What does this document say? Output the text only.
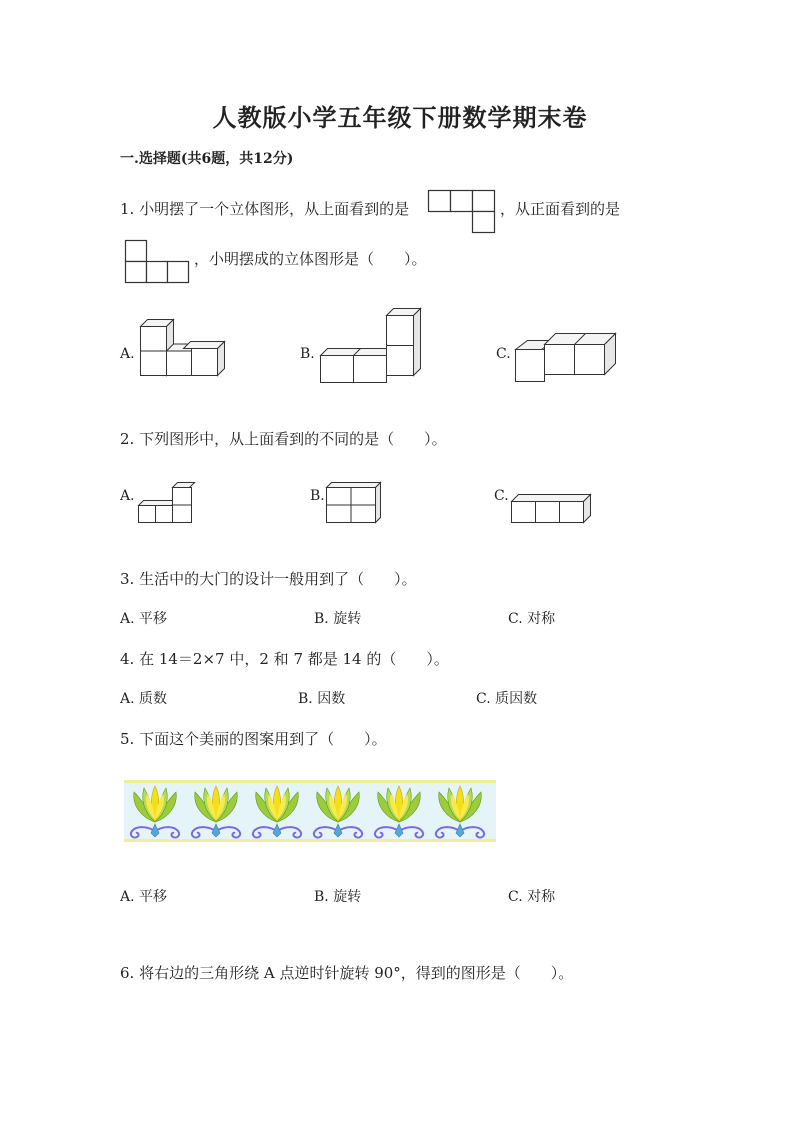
人教版小学五年级下册数学期末卷
一.选择题(共6题，共12分)
1. 小明摆了一个立体图形，从上面看到的是	，从正面看到的是
，小明摆成的立体图形是（　　）。
A.	B.	C.
2. 下列图形中，从上面看到的不同的是（　　）。
A.	B.	C.
3. 生活中的大门的设计一般用到了（　　）。
A. 平移	B. 旋转	C. 对称
4. 在 14＝2×7 中，2 和 7 都是 14 的（　　）。
A. 质数	B. 因数	C. 质因数
5. 下面这个美丽的图案用到了（　　）。
A. 平移	B. 旋转	C. 对称
6. 将右边的三角形绕 A 点逆时针旋转 90°，得到的图形是（　　）。
